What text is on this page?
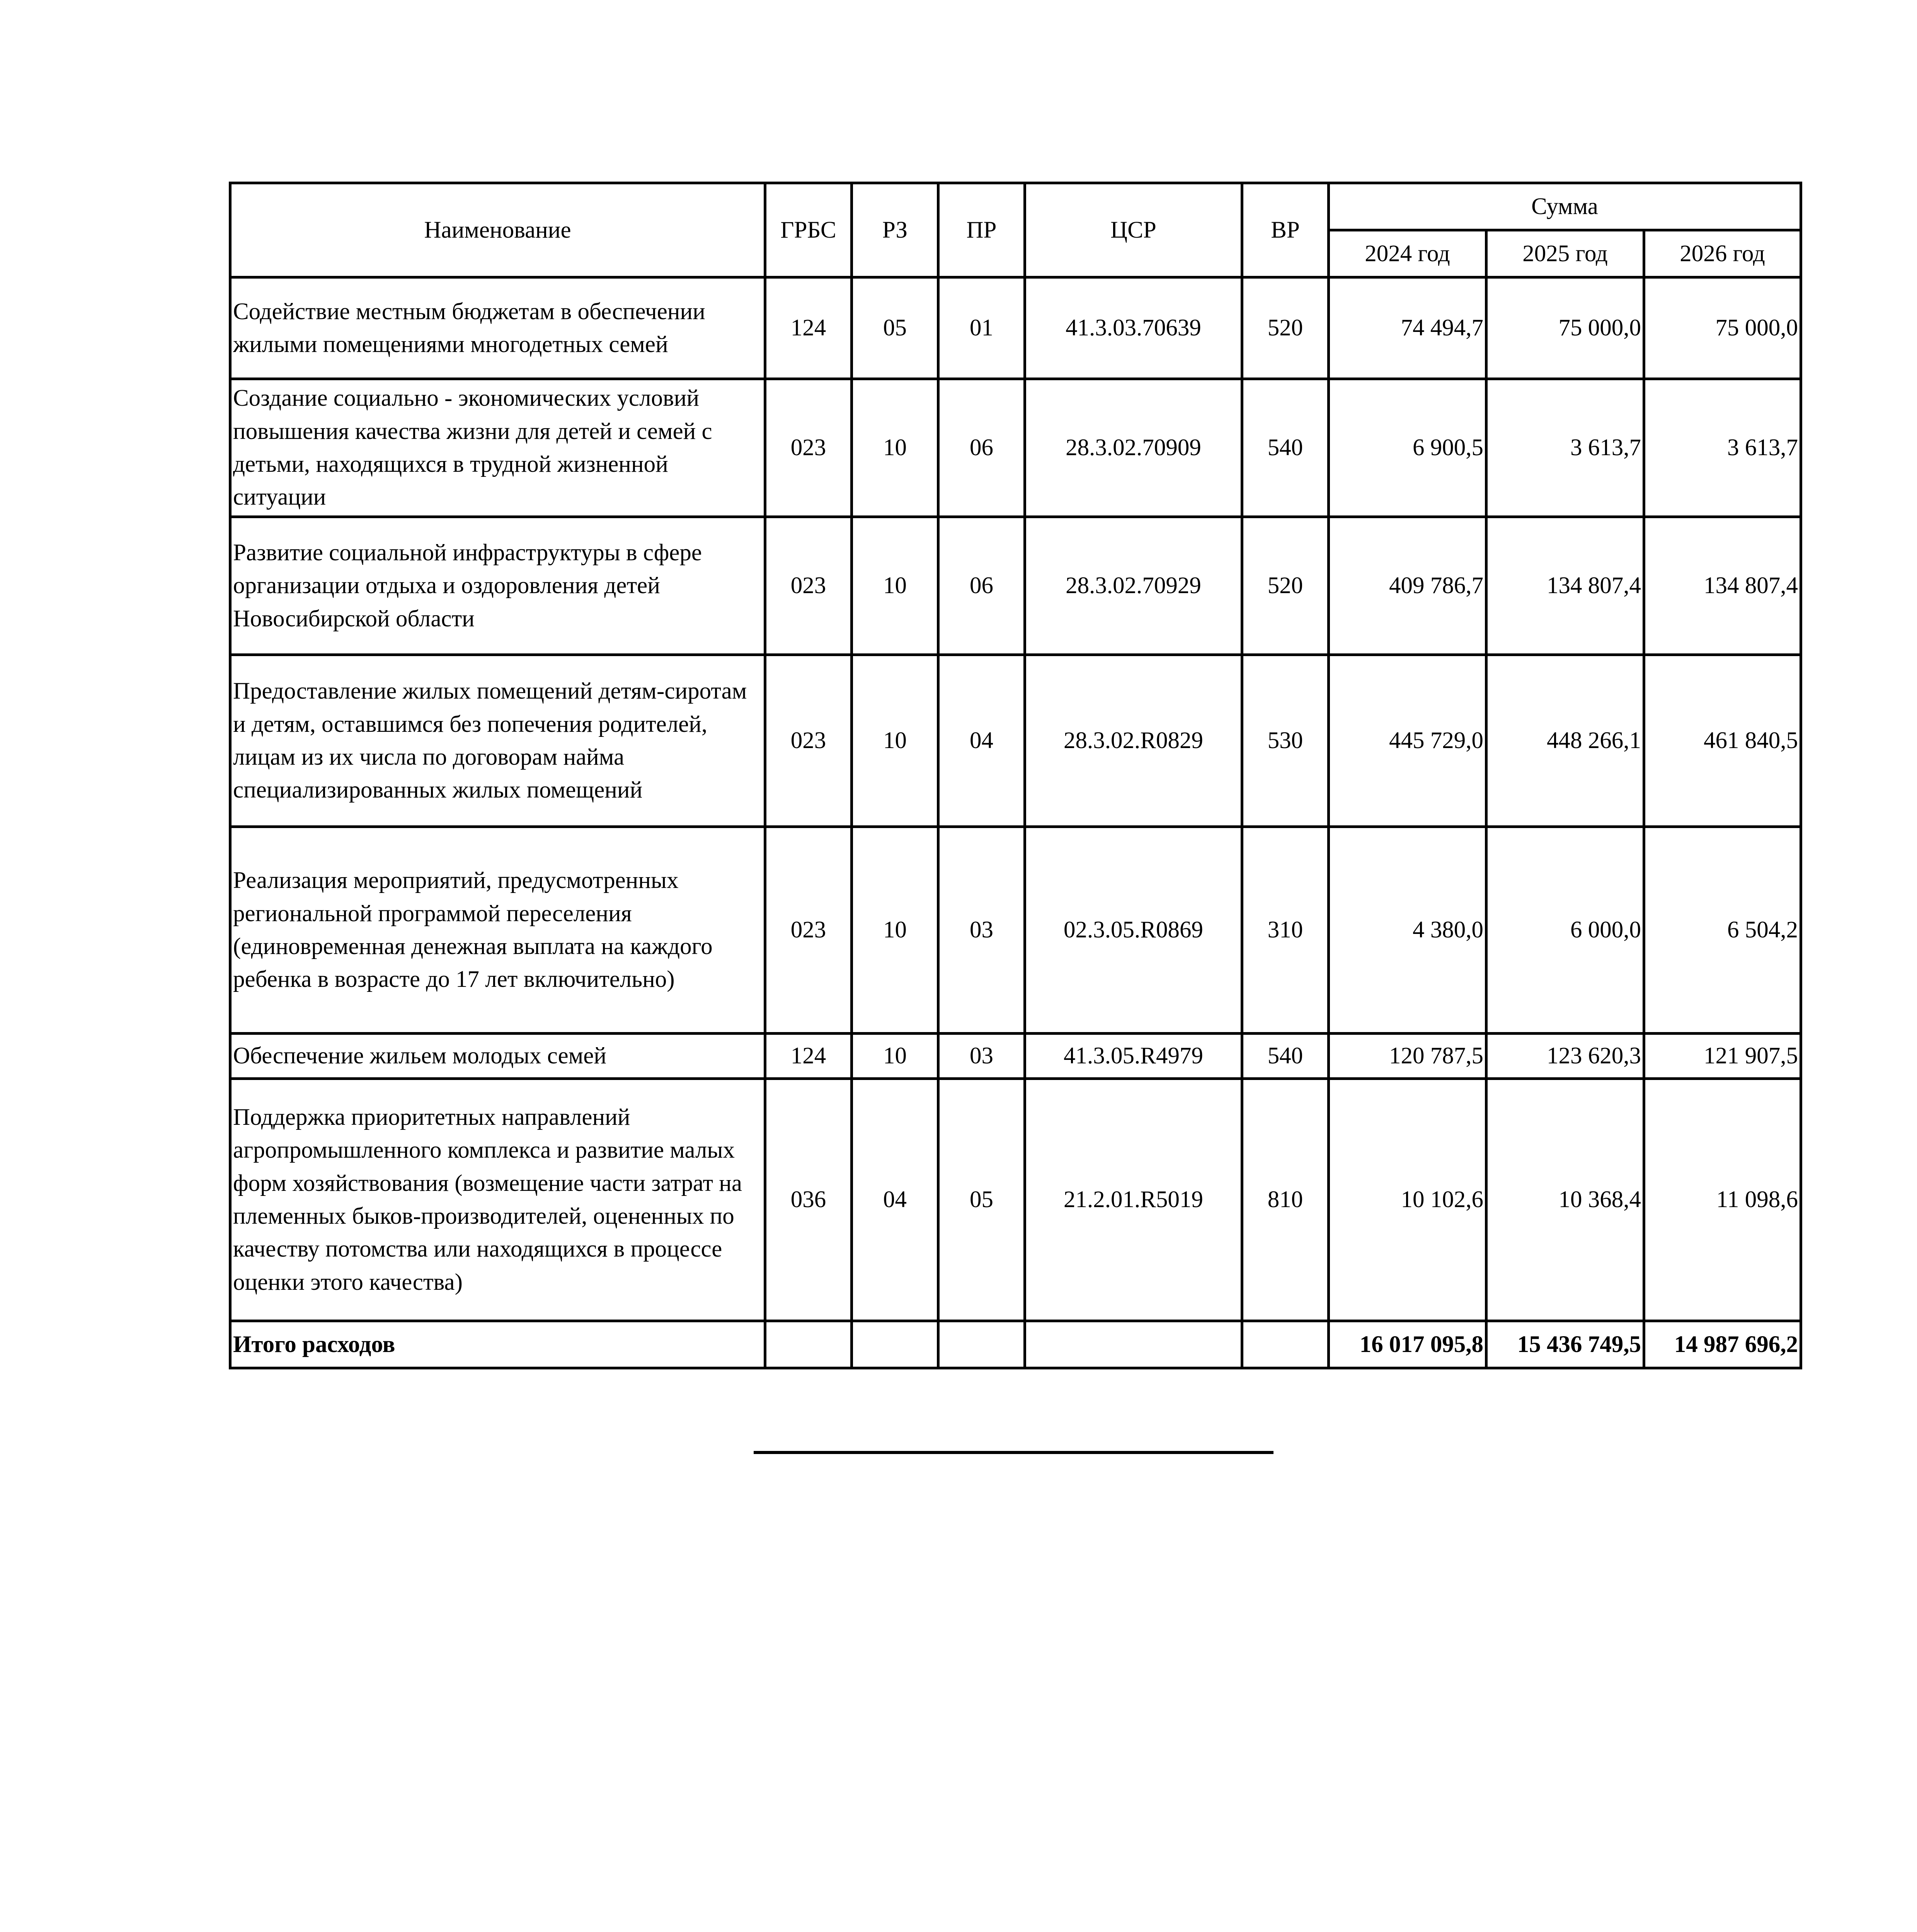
Наименование	ГРБС	РЗ	ПР	ЦСР	ВР	Сумма		
						2024 год	2025 год	2026 год
Содействие местным бюджетам в обеспечении жилыми помещениями многодетных семей	124	05	01	41.3.03.70639	520	74 494,7	75 000,0	75 000,0
Создание социально - экономических условий повышения качества жизни для детей и семей с детьми, находящихся в трудной жизненной ситуации	023	10	06	28.3.02.70909	540	6 900,5	3 613,7	3 613,7
Развитие социальной инфраструктуры в сфере организации отдыха и оздоровления детей Новосибирской области	023	10	06	28.3.02.70929	520	409 786,7	134 807,4	134 807,4
Предоставление жилых помещений детям-сиротам и детям, оставшимся без попечения родителей, лицам из их числа по договорам найма специализированных жилых помещений	023	10	04	28.3.02.R0829	530	445 729,0	448 266,1	461 840,5
Реализация мероприятий, предусмотренных региональной программой переселения (единовременная денежная выплата на каждого ребенка в возрасте до 17 лет включительно)	023	10	03	02.3.05.R0869	310	4 380,0	6 000,0	6 504,2
Обеспечение жильем молодых семей	124	10	03	41.3.05.R4979	540	120 787,5	123 620,3	121 907,5
Поддержка приоритетных направлений агропромышленного комплекса и развитие малых форм хозяйствования (возмещение части затрат на племенных быков-производителей, оцененных по качеству потомства или находящихся в процессе оценки этого качества)	036	04	05	21.2.01.R5019	810	10 102,6	10 368,4	11 098,6
Итого расходов						16 017 095,8	15 436 749,5	14 987 696,2
